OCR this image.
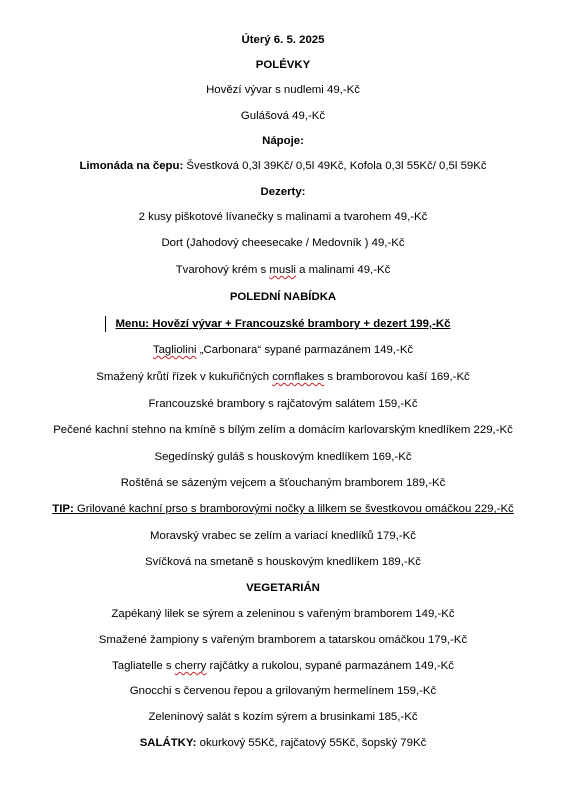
Úterý 6. 5. 2025
POLÉVKY
Hovězí vývar s nudlemi 49,-Kč
Gulášová 49,-Kč
Nápoje:
Limonáda na čepu: Švestková 0,3l 39Kč/ 0,5l 49Kč, Kofola 0,3l 55Kč/ 0,5l 59Kč
Dezerty:
2 kusy piškotové lívanečky s malinami a tvarohem 49,-Kč
Dort (Jahodový cheesecake / Medovník ) 49,-Kč
Tvarohový krém s musli a malinami 49,-Kč
POLEDNÍ NABÍDKA
Menu: Hovězí vývar + Francouzské brambory + dezert 199,-Kč
Tagliolini „Carbonara“ sypané parmazánem 149,-Kč
Smažený krůtí řízek v kukuřičných cornflakes s bramborovou kaší 169,-Kč
Francouzské brambory s rajčatovým salátem 159,-Kč
Pečené kachní stehno na kmíně s bílým zelím a domácím karlovarským knedlíkem 229,-Kč
Segedínský guláš s houskovým knedlíkem 169,-Kč
Roštěná se sázeným vejcem a šťouchaným bramborem 189,-Kč
TIP: Grilované kachní prso s bramborovými nočky a lilkem se švestkovou omáčkou 229,-Kč
Moravský vrabec se zelím a variací knedlíků 179,-Kč
Svíčková na smetaně s houskovým knedlíkem 189,-Kč
VEGETARIÁN
Zapékaný lilek se sýrem a zeleninou s vařeným bramborem 149,-Kč
Smažené žampiony s vařeným bramborem a tatarskou omáčkou 179,-Kč
Tagliatelle s cherry rajčátky a rukolou, sypané parmazánem 149,-Kč
Gnocchi s červenou řepou a grilovaným hermelínem 159,-Kč
Zeleninový salát s kozím sýrem a brusinkami 185,-Kč
SALÁTKY: okurkový 55Kč, rajčatový 55Kč, šopský 79Kč
